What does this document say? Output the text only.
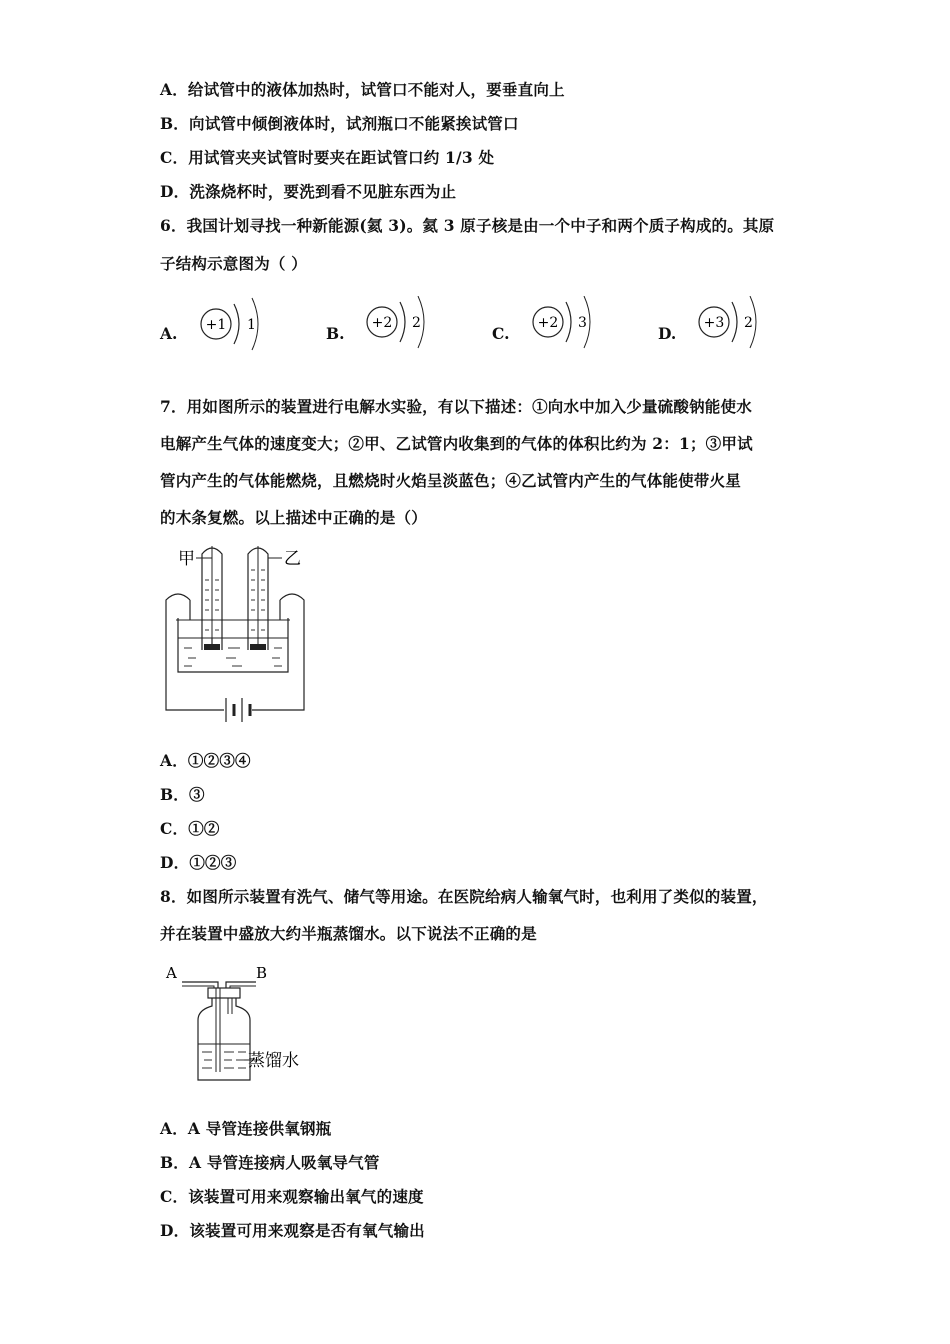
A．给试管中的液体加热时，试管口不能对人，要垂直向上
B．向试管中倾倒液体时，试剂瓶口不能紧挨试管口
C．用试管夹夹试管时要夹在距试管口约 1/3 处
D．洗涤烧杯时，要洗到看不见脏东西为止
6．我国计划寻找一种新能源(氦 3)。氦 3 原子核是由一个中子和两个质子构成的。其原
子结构示意图为（ ）
A. +1 1	B.
+2 2
C.
+2 3
D.
+3 2
7．用如图所示的装置进行电解水实验，有以下描述：①向水中加入少量硫酸钠能使水
电解产生气体的速度变大；②甲、乙试管内收集到的气体的体积比约为 2：1；③甲试
管内产生的气体能燃烧，且燃烧时火焰呈淡蓝色；④乙试管内产生的气体能使带火星
的木条复燃。以上描述中正确的是（）
甲	乙
A．①②③④
B．③
C．①②
D．①②③
8．如图所示装置有洗气、储气等用途。在医院给病人输氧气时，也利用了类似的装置，
并在装置中盛放大约半瓶蒸馏水。以下说法不正确的是
A	B
蒸馏水
A．A 导管连接供氧钢瓶
B．A 导管连接病人吸氧导气管
C．该装置可用来观察输出氧气的速度
D．该装置可用来观察是否有氧气输出
